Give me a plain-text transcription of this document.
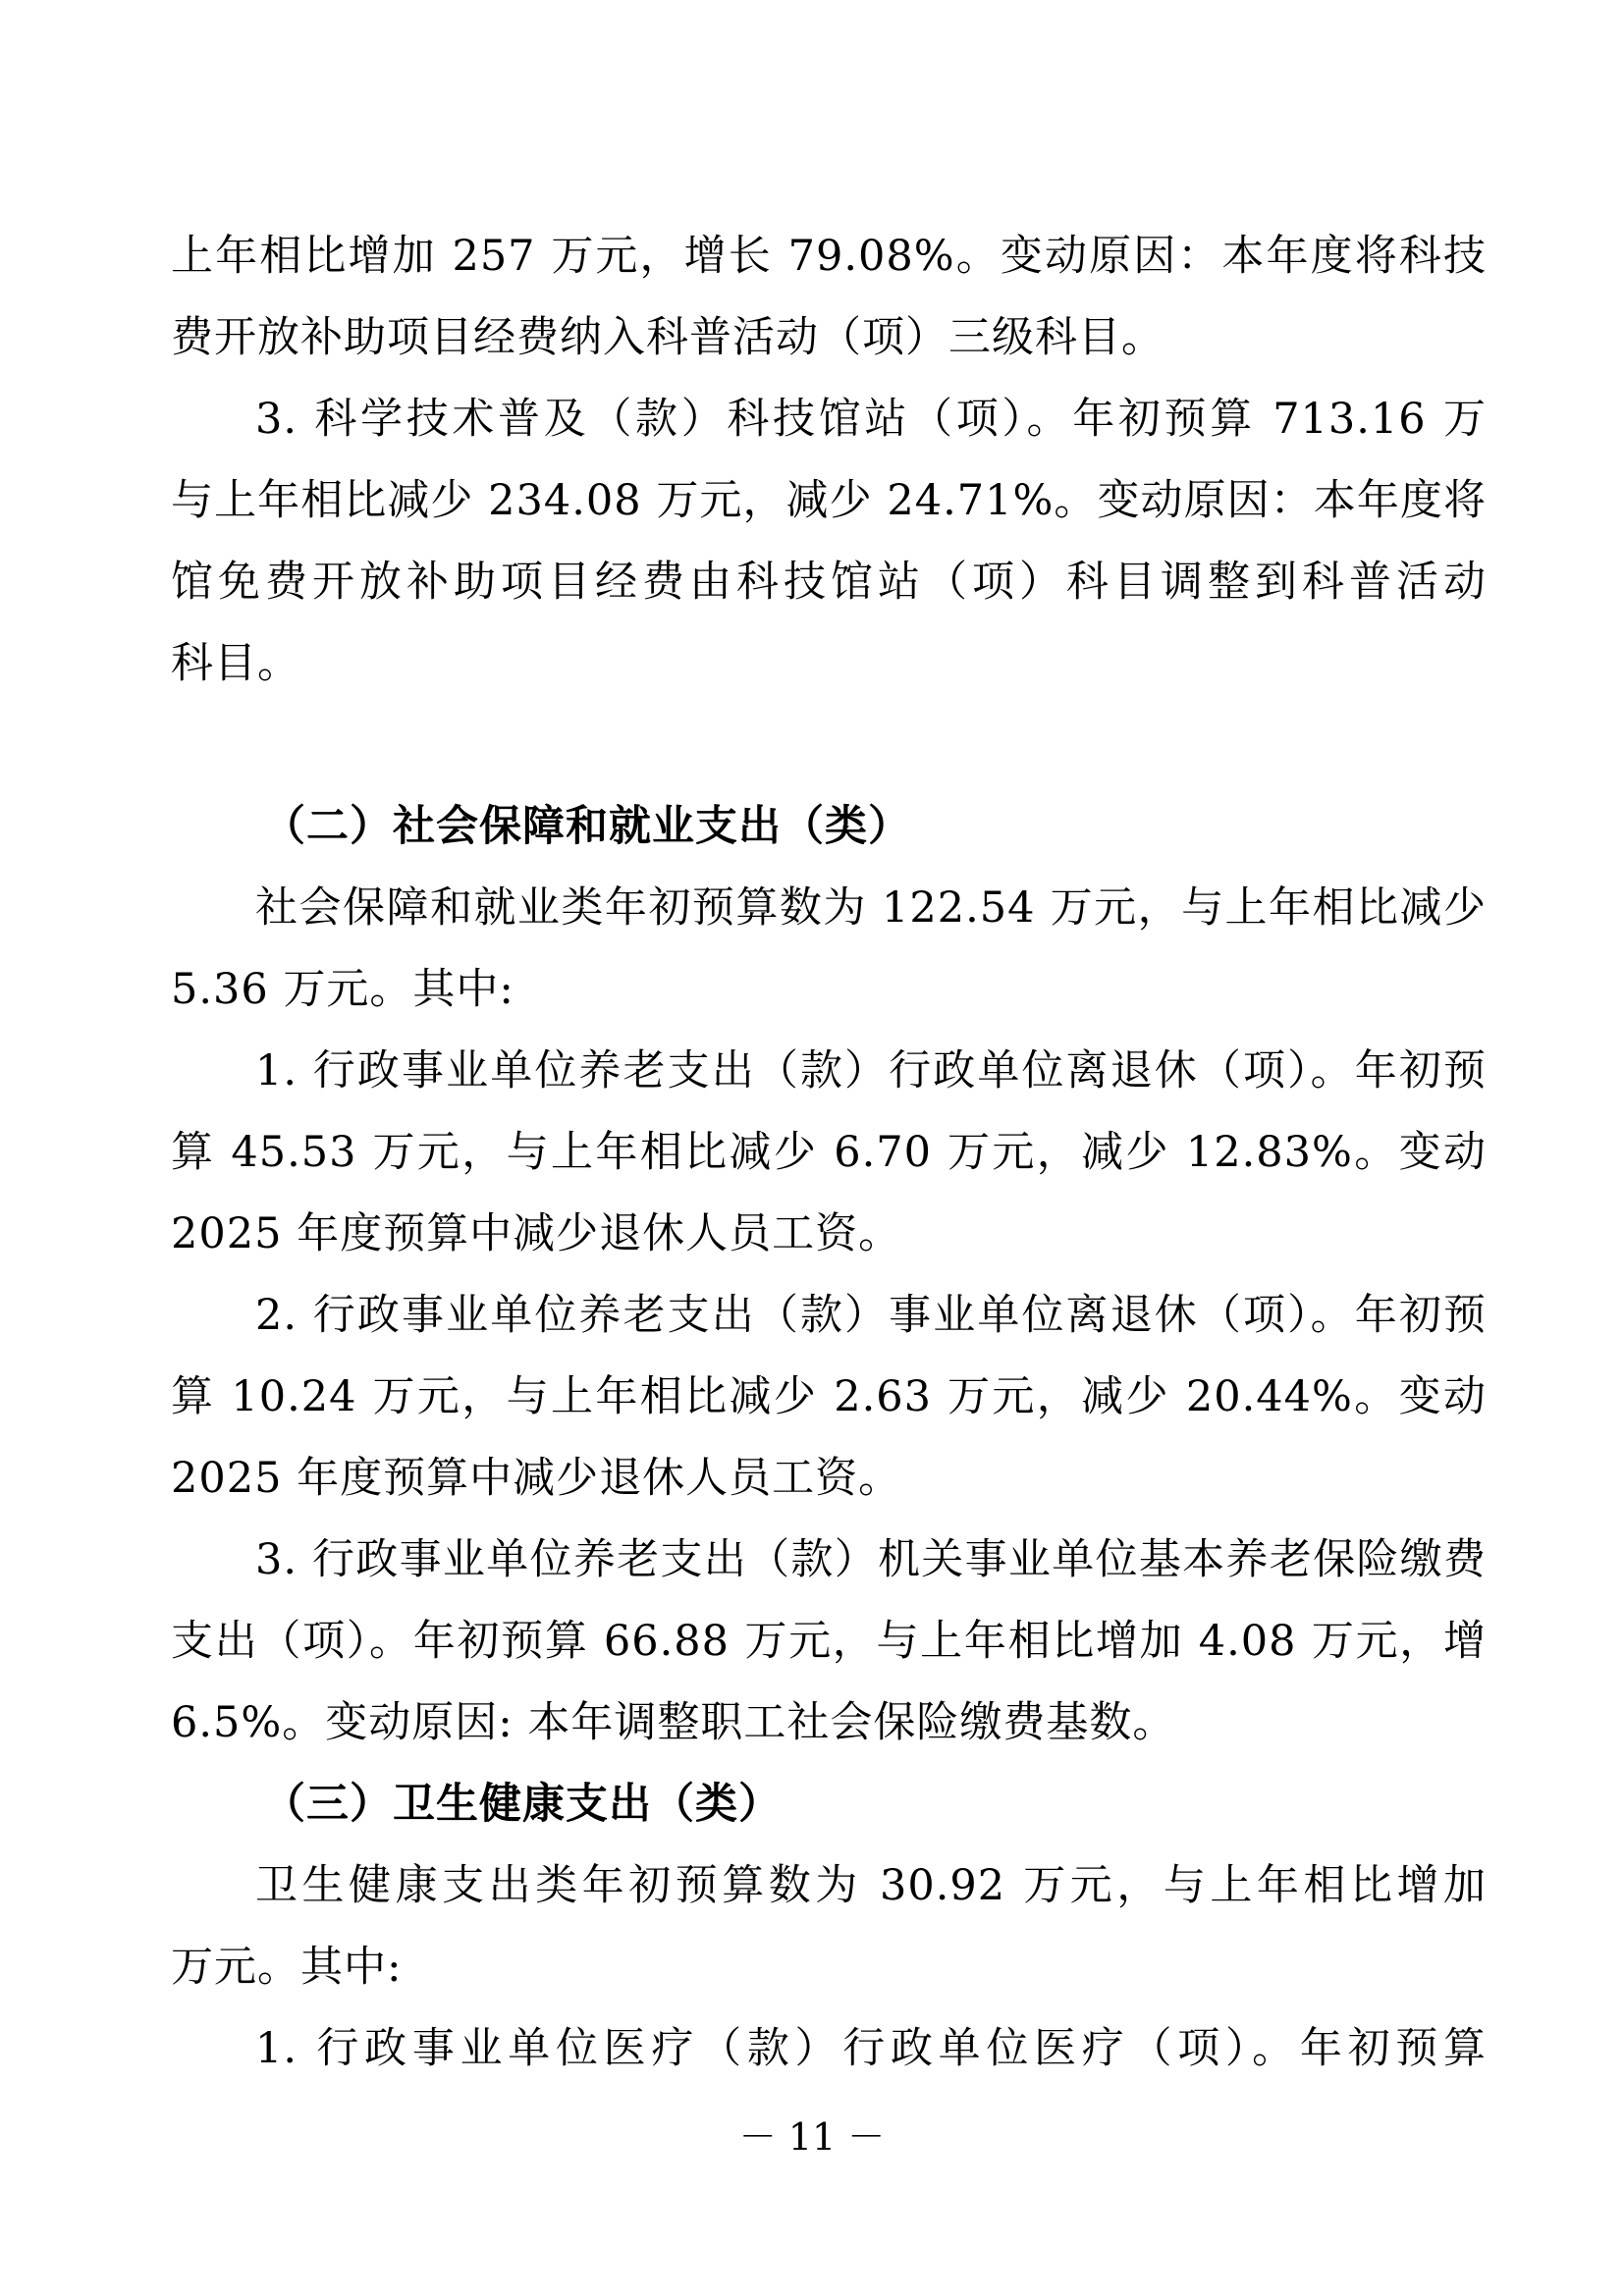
上年相比增加 257 万元，增长 79.08%。变动原因：本年度将科技
费开放补助项目经费纳入科普活动（项）三级科目。
3. 科学技术普及（款）科技馆站（项）。年初预算 713.16 万
与上年相比减少 234.08 万元，减少 24.71%。变动原因：本年度将
馆免费开放补助项目经费由科技馆站（项）科目调整到科普活动
科目。
（二）社会保障和就业支出（类）
社会保障和就业类年初预算数为 122.54 万元，与上年相比减少
5.36 万元。其中:
1. 行政事业单位养老支出（款）行政单位离退休（项）。年初预
算 45.53 万元，与上年相比减少 6.70 万元，减少 12.83%。变动
2025 年度预算中减少退休人员工资。
2. 行政事业单位养老支出（款）事业单位离退休（项）。年初预
算 10.24 万元，与上年相比减少 2.63 万元，减少 20.44%。变动
2025 年度预算中减少退休人员工资。
3. 行政事业单位养老支出（款）机关事业单位基本养老保险缴费
支出（项）。年初预算 66.88 万元，与上年相比增加 4.08 万元，增
6.5%。变动原因: 本年调整职工社会保险缴费基数。
（三）卫生健康支出（类）
卫生健康支出类年初预算数为 30.92 万元，与上年相比增加
万元。其中:
1. 行政事业单位医疗（款）行政单位医疗（项）。年初预算
－ 11 －
